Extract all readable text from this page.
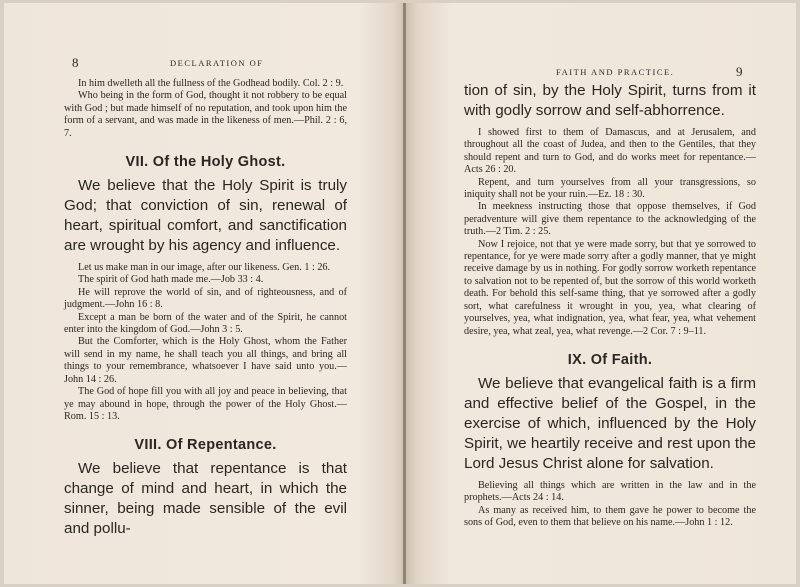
8	DECLARATION OF

In him dwelleth all the fullness of the Godhead bodily. Col. 2 : 9.

Who being in the form of God, thought it not robbery to be equal with God ; but made himself of no reputation, and took upon him the form of a servant, and was made in the likeness of men.—Phil. 2 : 6, 7.

VII. Of the Holy Ghost.

We believe that the Holy Spirit is truly God; that conviction of sin, renewal of heart, spiritual comfort, and sanctification are wrought by his agency and influence.

Let us make man in our image, after our likeness. Gen. 1 : 26.

The spirit of God hath made me.—Job 33 : 4.

He will reprove the world of sin, and of righteousness, and of judgment.—John 16 : 8.

Except a man be born of the water and of the Spirit, he cannot enter into the kingdom of God.—John 3 : 5.

But the Comforter, which is the Holy Ghost, whom the Father will send in my name, he shall teach you all things, and bring all things to your remembrance, whatsoever I have said unto you.—John 14 : 26.

The God of hope fill you with all joy and peace in believing, that ye may abound in hope, through the power of the Holy Ghost.—Rom. 15 : 13.

VIII. Of Repentance.

We believe that repentance is that change of mind and heart, in which the sinner, being made sensible of the evil and pollu-

FAITH AND PRACTICE.	9

tion of sin, by the Holy Spirit, turns from it with godly sorrow and self-abhorrence.

I showed first to them of Damascus, and at Jerusalem, and throughout all the coast of Judea, and then to the Gentiles, that they should repent and turn to God, and do works meet for repentance.—Acts 26 : 20.

Repent, and turn yourselves from all your transgressions, so iniquity shall not be your ruin.—Ez. 18 : 30.

In meekness instructing those that oppose themselves, if God peradventure will give them repentance to the acknowledging of the truth.—2 Tim. 2 : 25.

Now I rejoice, not that ye were made sorry, but that ye sorrowed to repentance, for ye were made sorry after a godly manner, that ye might receive damage by us in nothing. For godly sorrow worketh repentance to salvation not to be repented of, but the sorrow of this world worketh death. For behold this self-same thing, that ye sorrowed after a godly sort, what carefulness it wrought in you, yea, what clearing of yourselves, yea, what indignation, yea, what fear, yea, what vehement desire, yea, what zeal, yea, what revenge.—2 Cor. 7 : 9–11.

IX. Of Faith.

We believe that evangelical faith is a firm and effective belief of the Gospel, in the exercise of which, influenced by the Holy Spirit, we heartily receive and rest upon the Lord Jesus Christ alone for salvation.

Believing all things which are written in the law and in the prophets.—Acts 24 : 14.

As many as received him, to them gave he power to become the sons of God, even to them that believe on his name.—John 1 : 12.
